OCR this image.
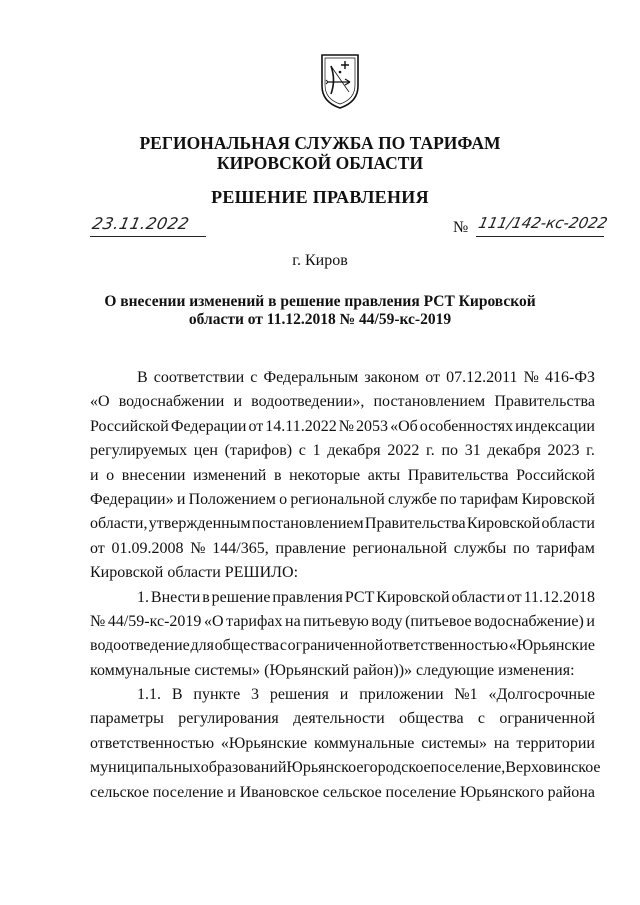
РЕГИОНАЛЬНАЯ СЛУЖБА ПО ТАРИФАМ
КИРОВСКОЙ ОБЛАСТИ
РЕШЕНИЕ ПРАВЛЕНИЯ
23.11.2022	№ 111/142-кс-2022
г. Киров
О внесении изменений в решение правления РСТ Кировской
области от 11.12.2018 № 44/59-кс-2019
В соответствии с Федеральным законом от 07.12.2011 № 416-ФЗ
«О водоснабжении и водоотведении», постановлением Правительства
Российской Федерации от 14.11.2022 № 2053 «Об особенностях индексации
регулируемых цен (тарифов) с 1 декабря 2022 г. по 31 декабря 2023 г.
и о внесении изменений в некоторые акты Правительства Российской
Федерации» и Положением о региональной службе по тарифам Кировской
области, утвержденным постановлением Правительства Кировской области
от 01.09.2008 № 144/365, правление региональной службы по тарифам
Кировской области РЕШИЛО:
1. Внести в решение правления РСТ Кировской области от 11.12.2018
№ 44/59-кс-2019 «О тарифах на питьевую воду (питьевое водоснабжение) и
водоотведение для общества с ограниченной ответственностью «Юрьянские
коммунальные системы» (Юрьянский район))» следующие изменения:
1.1. В пункте 3 решения и приложении №1 «Долгосрочные
параметры регулирования деятельности общества с ограниченной
ответственностью «Юрьянские коммунальные системы» на территории
муниципальных образований Юрьянское городское поселение, Верховинское
сельское поселение и Ивановское сельское поселение Юрьянского района
